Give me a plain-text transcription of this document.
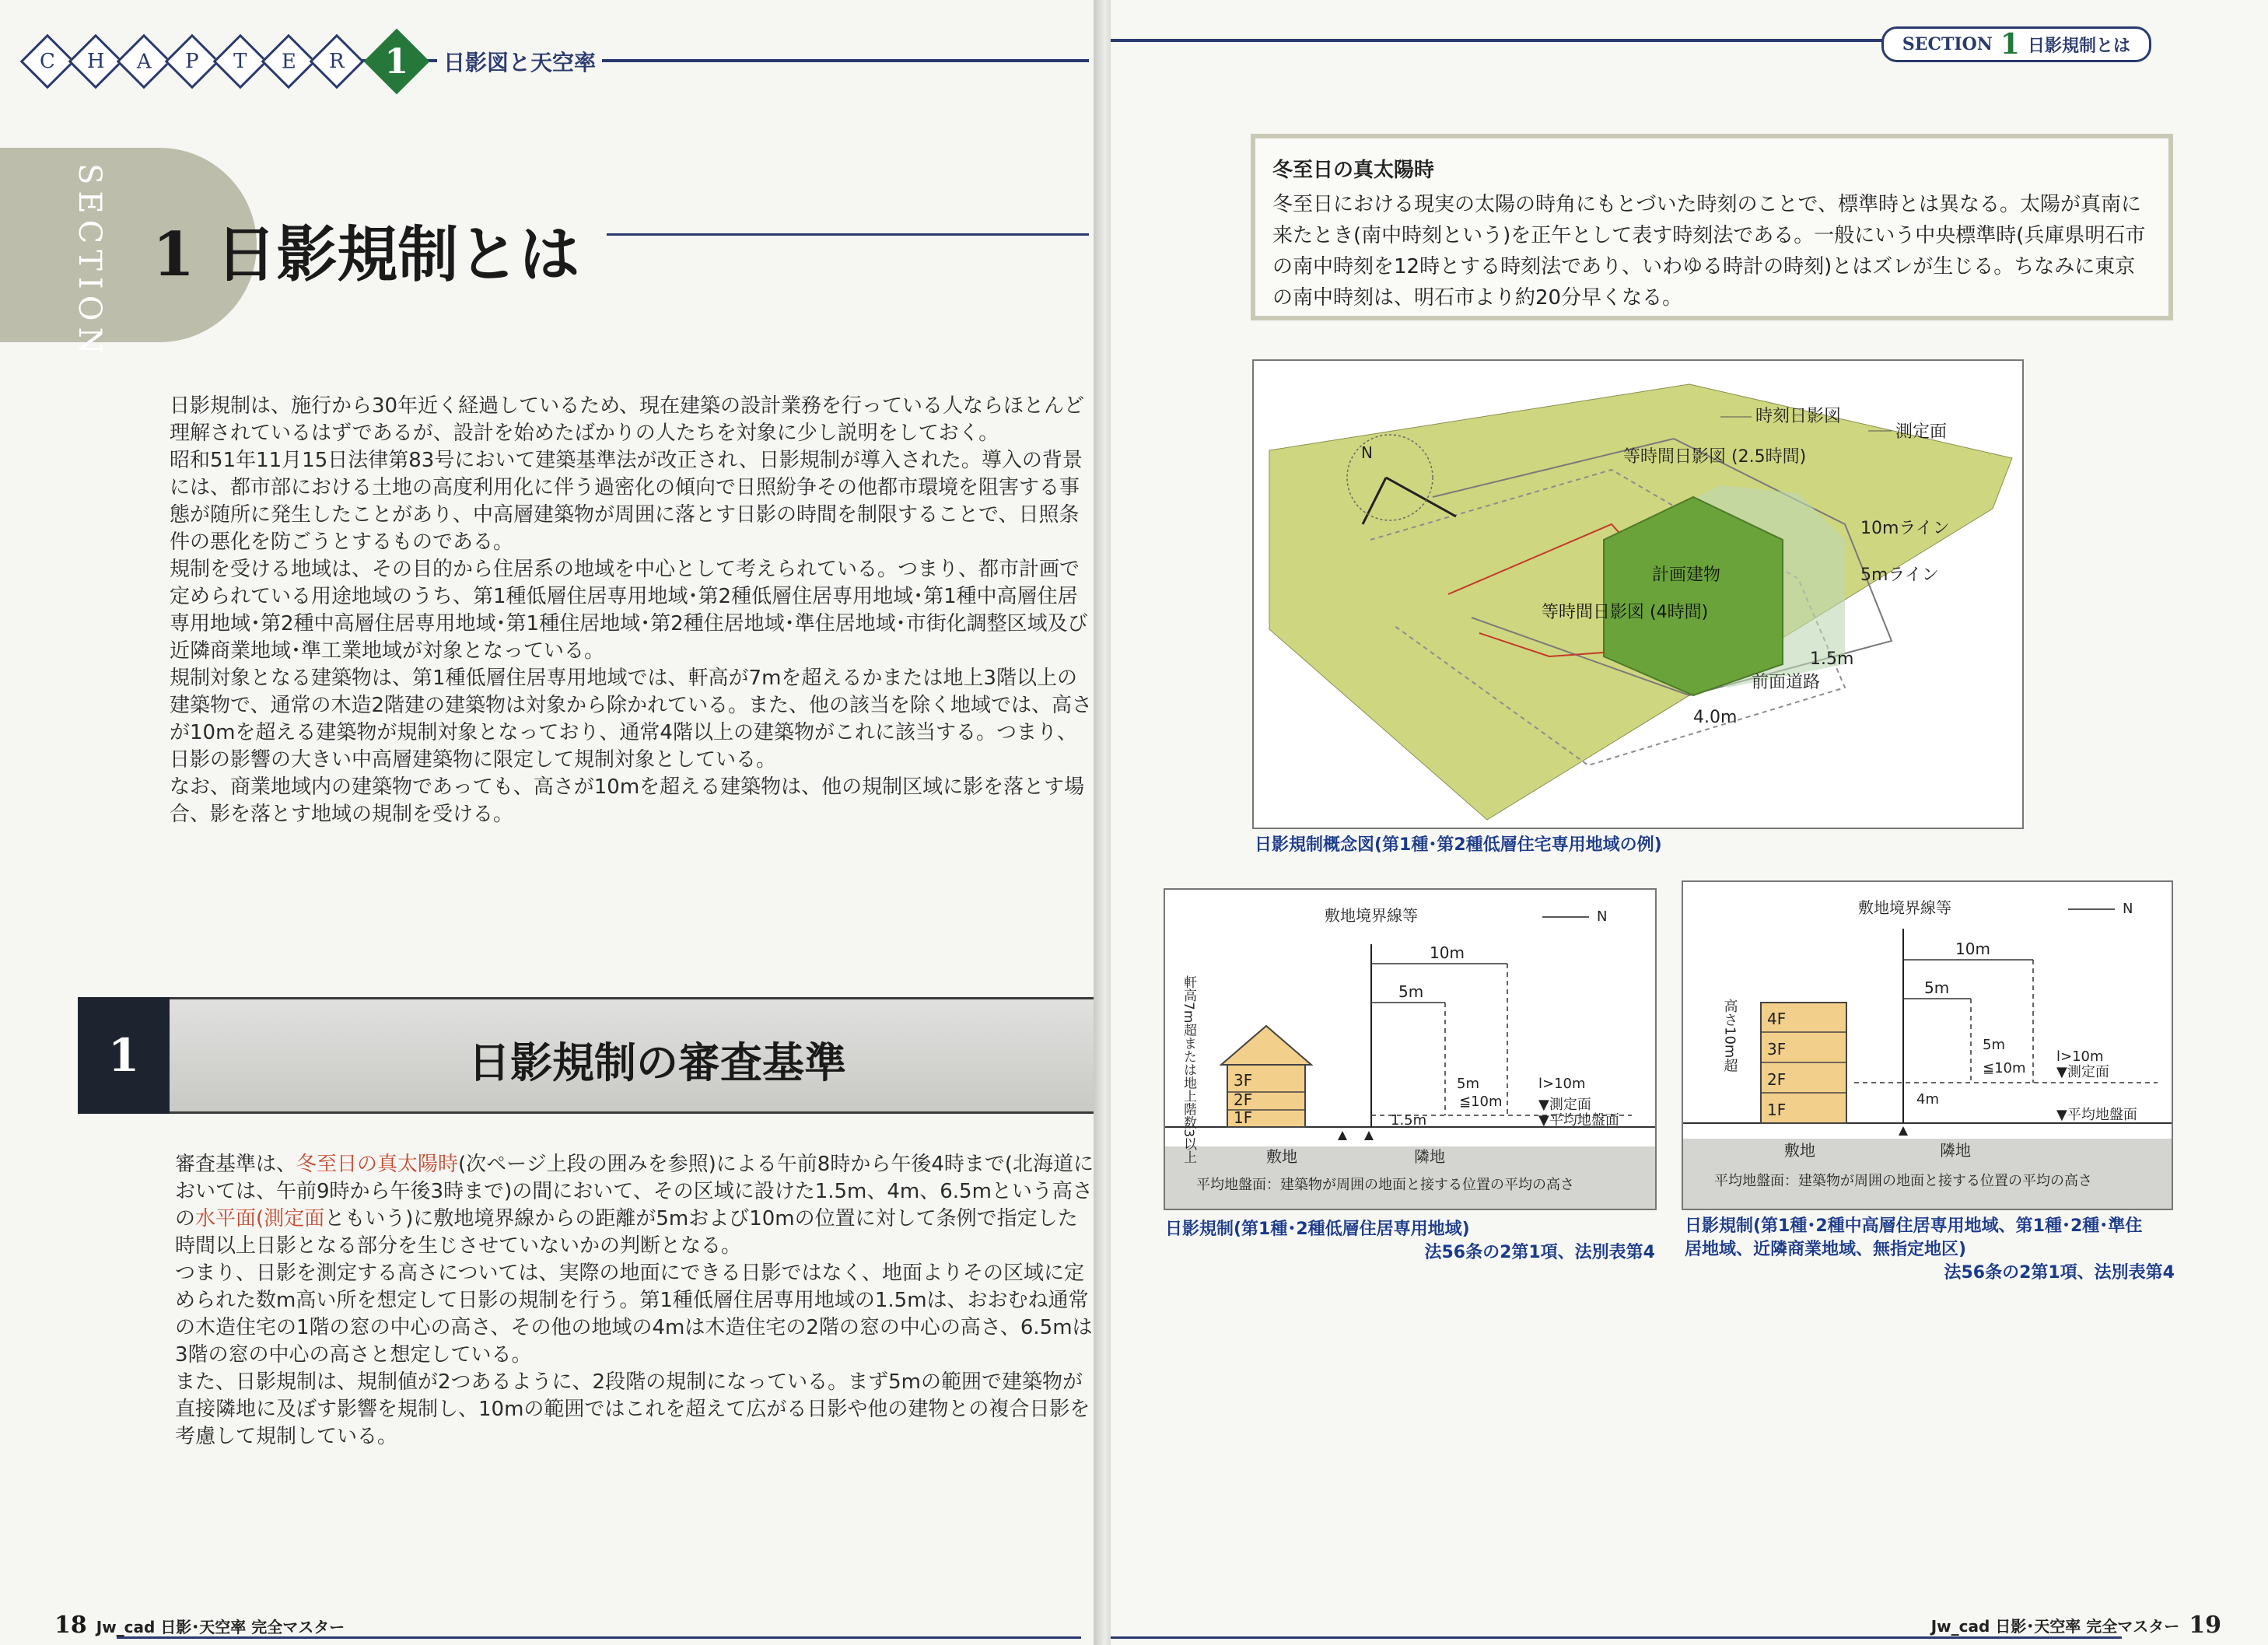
C H A P T E R 1 日影図と天空率
SECTION 1 日影規制とは

日影規制は、施行から30年近く経過しているため、現在建築の設計業務を行っている人ならほとんど理解されているはずであるが、設計を始めたばかりの人たちを対象に少し説明をしておく。

昭和51年11月15日法律第83号において建築基準法が改正され、日影規制が導入された。導入の背景には、都市部における土地の高度利用化に伴う過密化の傾向で日照紛争その他都市環境を阻害する事態が随所に発生したことがあり、中高層建築物が周囲に落とす日影の時間を制限することで、日照条件の悪化を防ごうとするものである。

規制を受ける地域は、その目的から住居系の地域を中心として考えられている。つまり、都市計画で定められている用途地域のうち、第1種低層住居専用地域･第2種低層住居専用地域･第1種中高層住居専用地域･第2種中高層住居専用地域･第1種住居地域･第2種住居地域･準住居地域･市街化調整区域及び近隣商業地域･準工業地域が対象となっている。

規制対象となる建築物は、第1種低層住居専用地域では、軒高が7mを超えるかまたは地上3階以上の建築物で、通常の木造2階建の建築物は対象から除かれている。また、他の該当を除く地域では、高さが10mを超える建築物が規制対象となっており、通常4階以上の建築物がこれに該当する。つまり、日影の影響の大きい中高層建築物に限定して規制対象としている。

なお、商業地域内の建築物であっても、高さが10mを超える建築物は、他の規制区域に影を落とす場合、影を落とす地域の規制を受ける。

1	日影規制の審査基準

審査基準は、冬至日の真太陽時(次ページ上段の囲みを参照)による午前8時から午後4時まで(北海道においては、午前9時から午後3時まで)の間において、その区域に設けた1.5m、4m、6.5mという高さの水平面(測定面ともいう)に敷地境界線からの距離が5mおよび10mの位置に対して条例で指定した時間以上日影となる部分を生じさせていないかの判断となる。

つまり、日影を測定する高さについては、実際の地面にできる日影ではなく、地面よりその区域に定められた数m高い所を想定して日影の規制を行う。第1種低層住居専用地域の1.5mは、おおむね通常の木造住宅の1階の窓の中心の高さ、その他の地域の4mは木造住宅の2階の窓の中心の高さ、6.5mは3階の窓の中心の高さと想定している。

また、日影規制は、規制値が2つあるように、2段階の規制になっている。まず5mの範囲で建築物が直接隣地に及ぼす影響を規制し、10mの範囲ではこれを超えて広がる日影や他の建物との複合日影を考慮して規制している。

18 Jw_cad 日影･天空率 完全マスター
SECTION 1 日影規制とは
冬至日の真太陽時
冬至日における現実の太陽の時角にもとづいた時刻のことで、標準時とは異なる。太陽が真南に来たとき(南中時刻という)を正午として表す時刻法である。一般にいう中央標準時(兵庫県明石市の南中時刻を12時とする時刻法であり、いわゆる時計の時刻)とはズレが生じる。ちなみに東京の南中時刻は、明石市より約20分早くなる。
時刻日影図
測定面
等時間日影図 (2.5時間)
10mライン
5mライン
計画建物
等時間日影図 (4時間)
1.5m
前面道路
4.0m
N
日影規制概念図(第1種･第2種低層住宅専用地域の例)
敷地境界線等	N
10m
5m
3F
2F
1F
軒高7m超または地上階数3以上	5m
≦10m
l>10m
▼測定面
▼平均地盤面
1.5m
敷地	隣地
平均地盤面：建築物が周囲の地面と接する位置の平均の高さ
日影規制(第1種･2種低層住居専用地域)
法56条の2第1項、法別表第4
敷地境界線等	N
10m
5m
4F
3F
2F
1F
高さ10m超	5m
≦10m
l>10m
▼測定面
4m
▼平均地盤面
敷地	隣地
平均地盤面：建築物が周囲の地面と接する位置の平均の高さ
日影規制(第1種･2種中高層住居専用地域、第1種･2種･準住
居地域、近隣商業地域、無指定地区)
法56条の2第1項、法別表第4
Jw_cad 日影･天空率 完全マスター 19
